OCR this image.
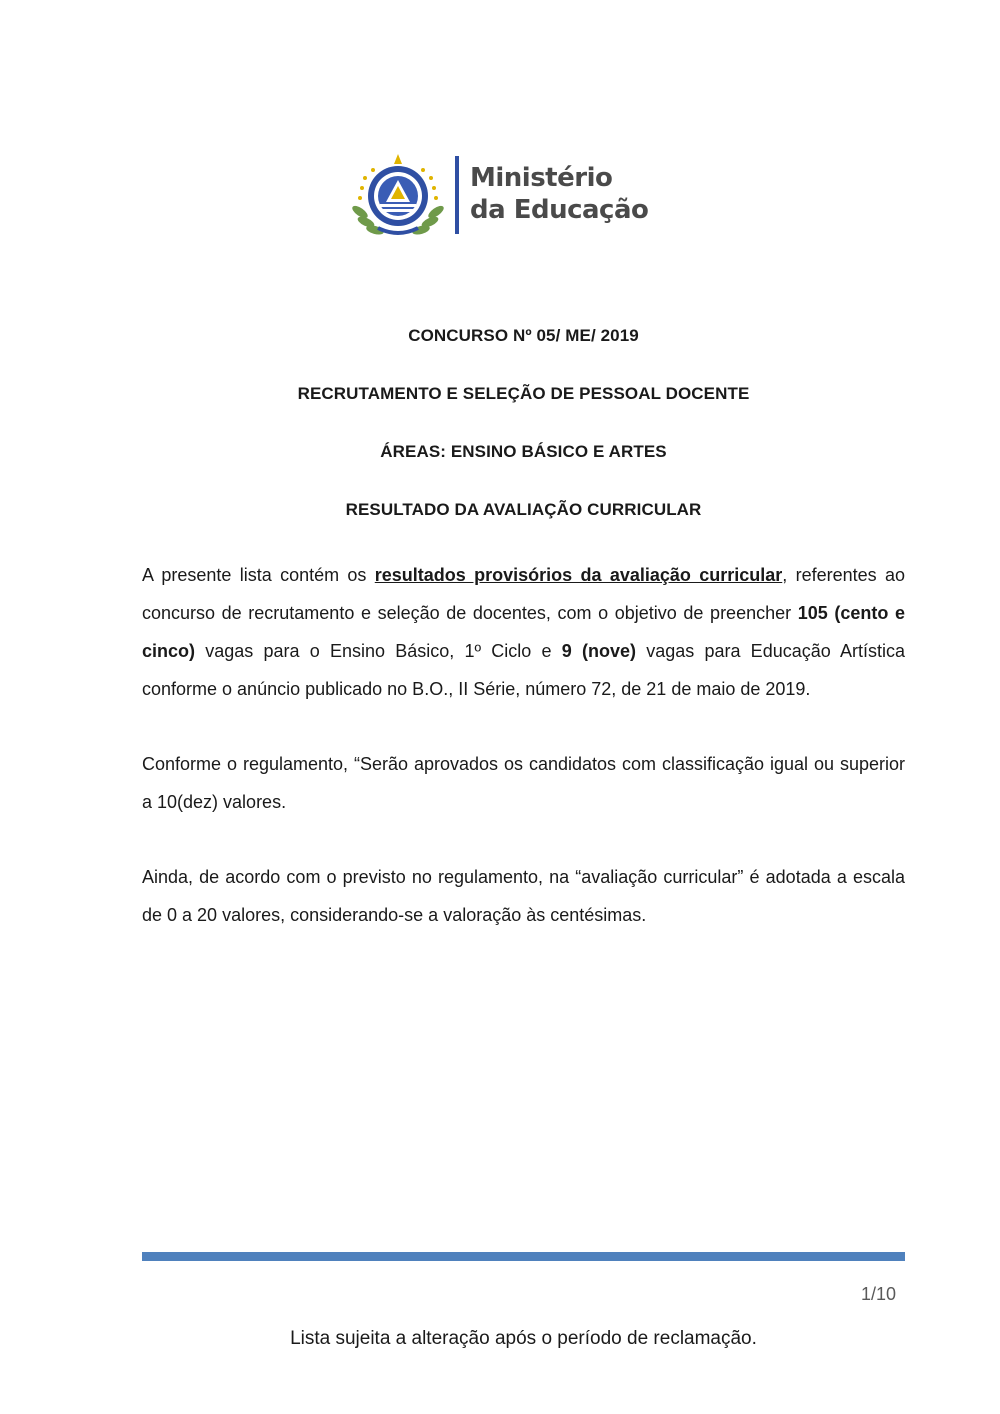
Ministério
da Educação
CONCURSO Nº 05/ ME/ 2019
RECRUTAMENTO E SELEÇÃO DE PESSOAL DOCENTE
ÁREAS: ENSINO BÁSICO E ARTES
RESULTADO DA AVALIAÇÃO CURRICULAR
A presente lista contém os resultados provisórios da avaliação curricular, referentes ao concurso de recrutamento e seleção de docentes, com o objetivo de preencher 105 (cento e cinco) vagas para o Ensino Básico, 1º Ciclo e 9 (nove) vagas para Educação Artística conforme o anúncio publicado no B.O., II Série, número 72, de 21 de maio de 2019.
Conforme o regulamento, “Serão aprovados os candidatos com classificação igual ou superior a 10(dez) valores.
Ainda, de acordo com o previsto no regulamento, na “avaliação curricular” é adotada a escala de 0 a 20 valores, considerando-se a valoração às centésimas.
1/10
Lista sujeita a alteração após o período de reclamação.
